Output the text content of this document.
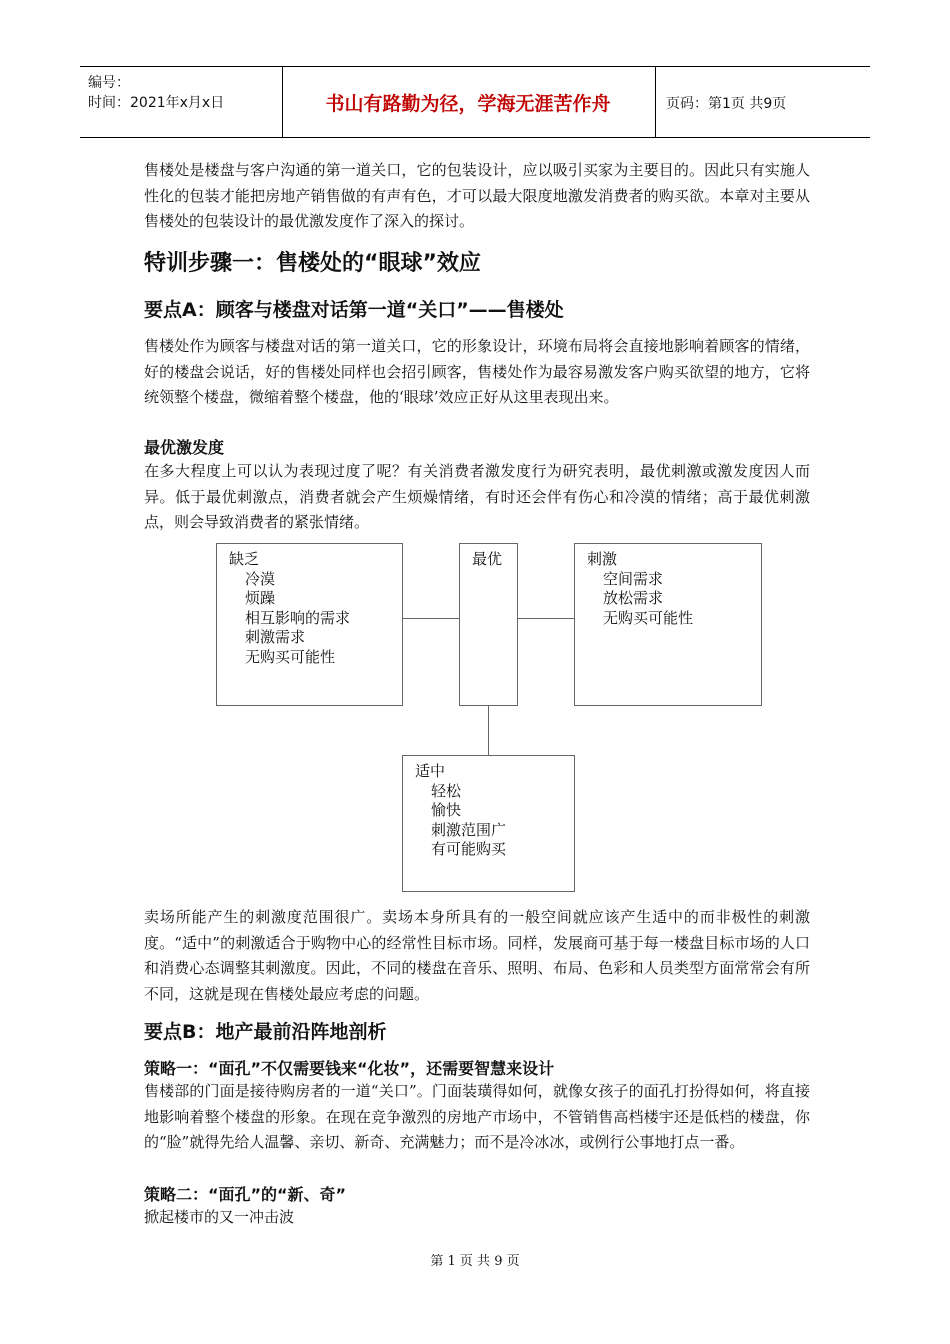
编号：
时间：2021年x月x日	书山有路勤为径，学海无涯苦作舟	页码：第1页 共9页
售楼处是楼盘与客户沟通的第一道关口，它的包装设计，应以吸引买家为主要目的。因此只有实施人性化的包装才能把房地产销售做的有声有色，才可以最大限度地激发消费者的购买欲。本章对主要从售楼处的包装设计的最优激发度作了深入的探讨。
特训步骤一：售楼处的“眼球”效应
要点A：顾客与楼盘对话第一道“关口”——售楼处
售楼处作为顾客与楼盘对话的第一道关口，它的形象设计，环境布局将会直接地影响着顾客的情绪，好的楼盘会说话，好的售楼处同样也会招引顾客，售楼处作为最容易激发客户购买欲望的地方，它将统领整个楼盘，微缩着整个楼盘，他的‘眼球’效应正好从这里表现出来。
最优激发度
在多大程度上可以认为表现过度了呢？有关消费者激发度行为研究表明，最优刺激或激发度因人而异。低于最优刺激点，消费者就会产生烦燥情绪，有时还会伴有伤心和冷漠的情绪；高于最优刺激点，则会导致消费者的紧张情绪。
缺乏
冷漠
烦躁
相互影响的需求
刺激需求
无购买可能性
最优	刺激
空间需求
放松需求
无购买可能性
适中
轻松
愉快
刺激范围广
有可能购买
卖场所能产生的刺激度范围很广。卖场本身所具有的一般空间就应该产生适中的而非极性的刺激度。“适中”的刺激适合于购物中心的经常性目标市场。同样，发展商可基于每一楼盘目标市场的人口和消费心态调整其刺激度。因此，不同的楼盘在音乐、照明、布局、色彩和人员类型方面常常会有所不同，这就是现在售楼处最应考虑的问题。
要点B：地产最前沿阵地剖析
策略一：“面孔”不仅需要钱来“化妆”，还需要智慧来设计
售楼部的门面是接待购房者的一道“关口”。门面装璜得如何，就像女孩子的面孔打扮得如何，将直接地影响着整个楼盘的形象。在现在竞争激烈的房地产市场中，不管销售高档楼宇还是低档的楼盘，你的“脸”就得先给人温馨、亲切、新奇、充满魅力；而不是冷冰冰，或例行公事地打点一番。
策略二：“面孔”的“新、奇”
掀起楼市的又一冲击波
第 1 页 共 9 页
